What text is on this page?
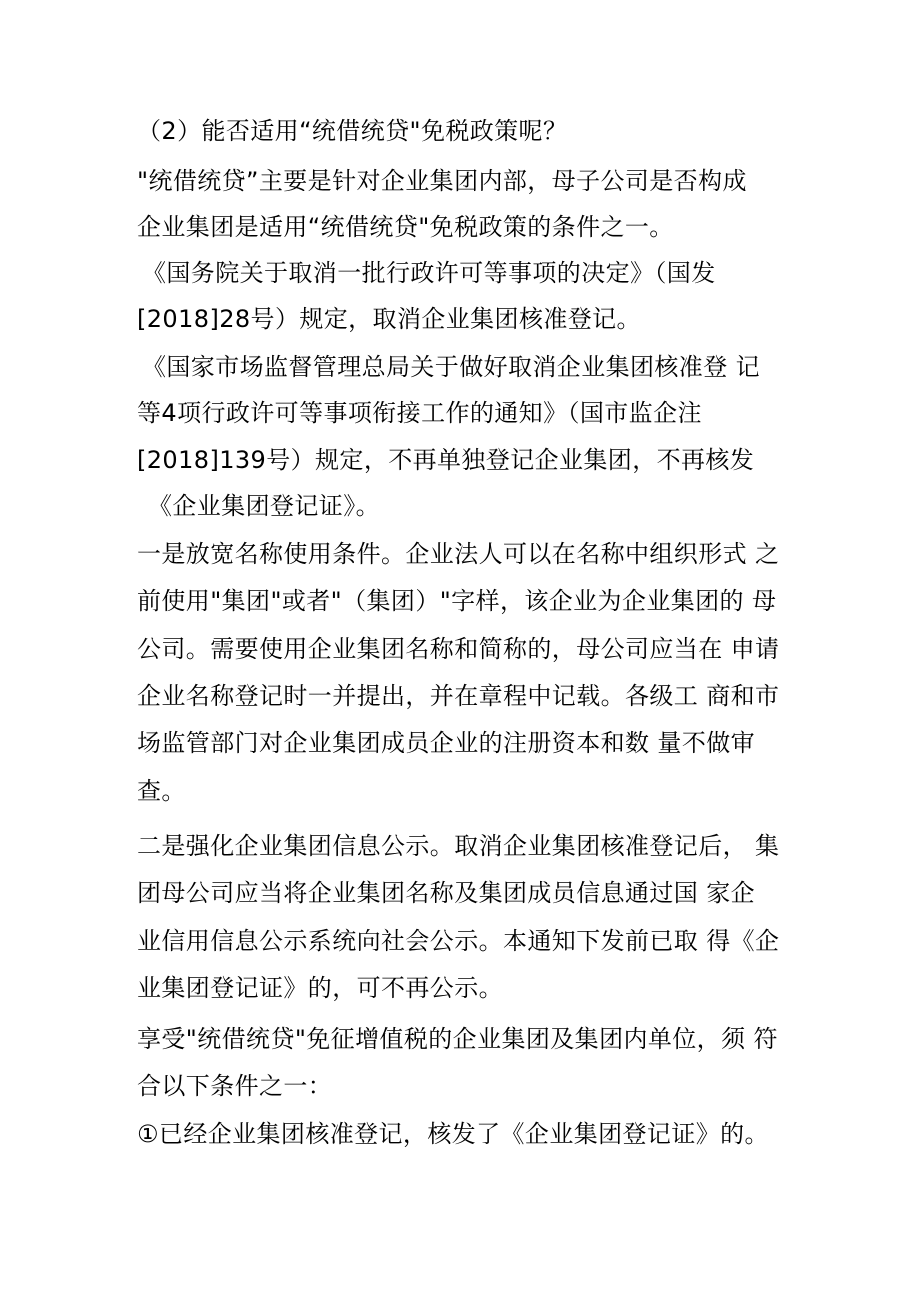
（2）能否适用“统借统贷"免税政策呢？
"统借统贷”主要是针对企业集团内部，母子公司是否构成
企业集团是适用“统借统贷"免税政策的条件之一。
《国务院关于取消一批行政许可等事项的决定》（国发
[2018]28号）规定，取消企业集团核准登记。
《国家市场监督管理总局关于做好取消企业集团核准登 记
等4项行政许可等事项衔接工作的通知》（国市监企注
[2018]139号）规定，不再单独登记企业集团，不再核发
《企业集团登记证》。
一是放宽名称使用条件。企业法人可以在名称中组织形式 之
前使用"集团"或者"（集团）"字样，该企业为企业集团的 母
公司。需要使用企业集团名称和简称的，母公司应当在 申请
企业名称登记时一并提出，并在章程中记载。各级工 商和市
场监管部门对企业集团成员企业的注册资本和数 量不做审
查。
二是强化企业集团信息公示。取消企业集团核准登记后， 集
团母公司应当将企业集团名称及集团成员信息通过国 家企
业信用信息公示系统向社会公示。本通知下发前已取 得《企
业集团登记证》的，可不再公示。
享受"统借统贷"免征增值税的企业集团及集团内单位，须 符
合以下条件之一：
①已经企业集团核准登记，核发了《企业集团登记证》的。
